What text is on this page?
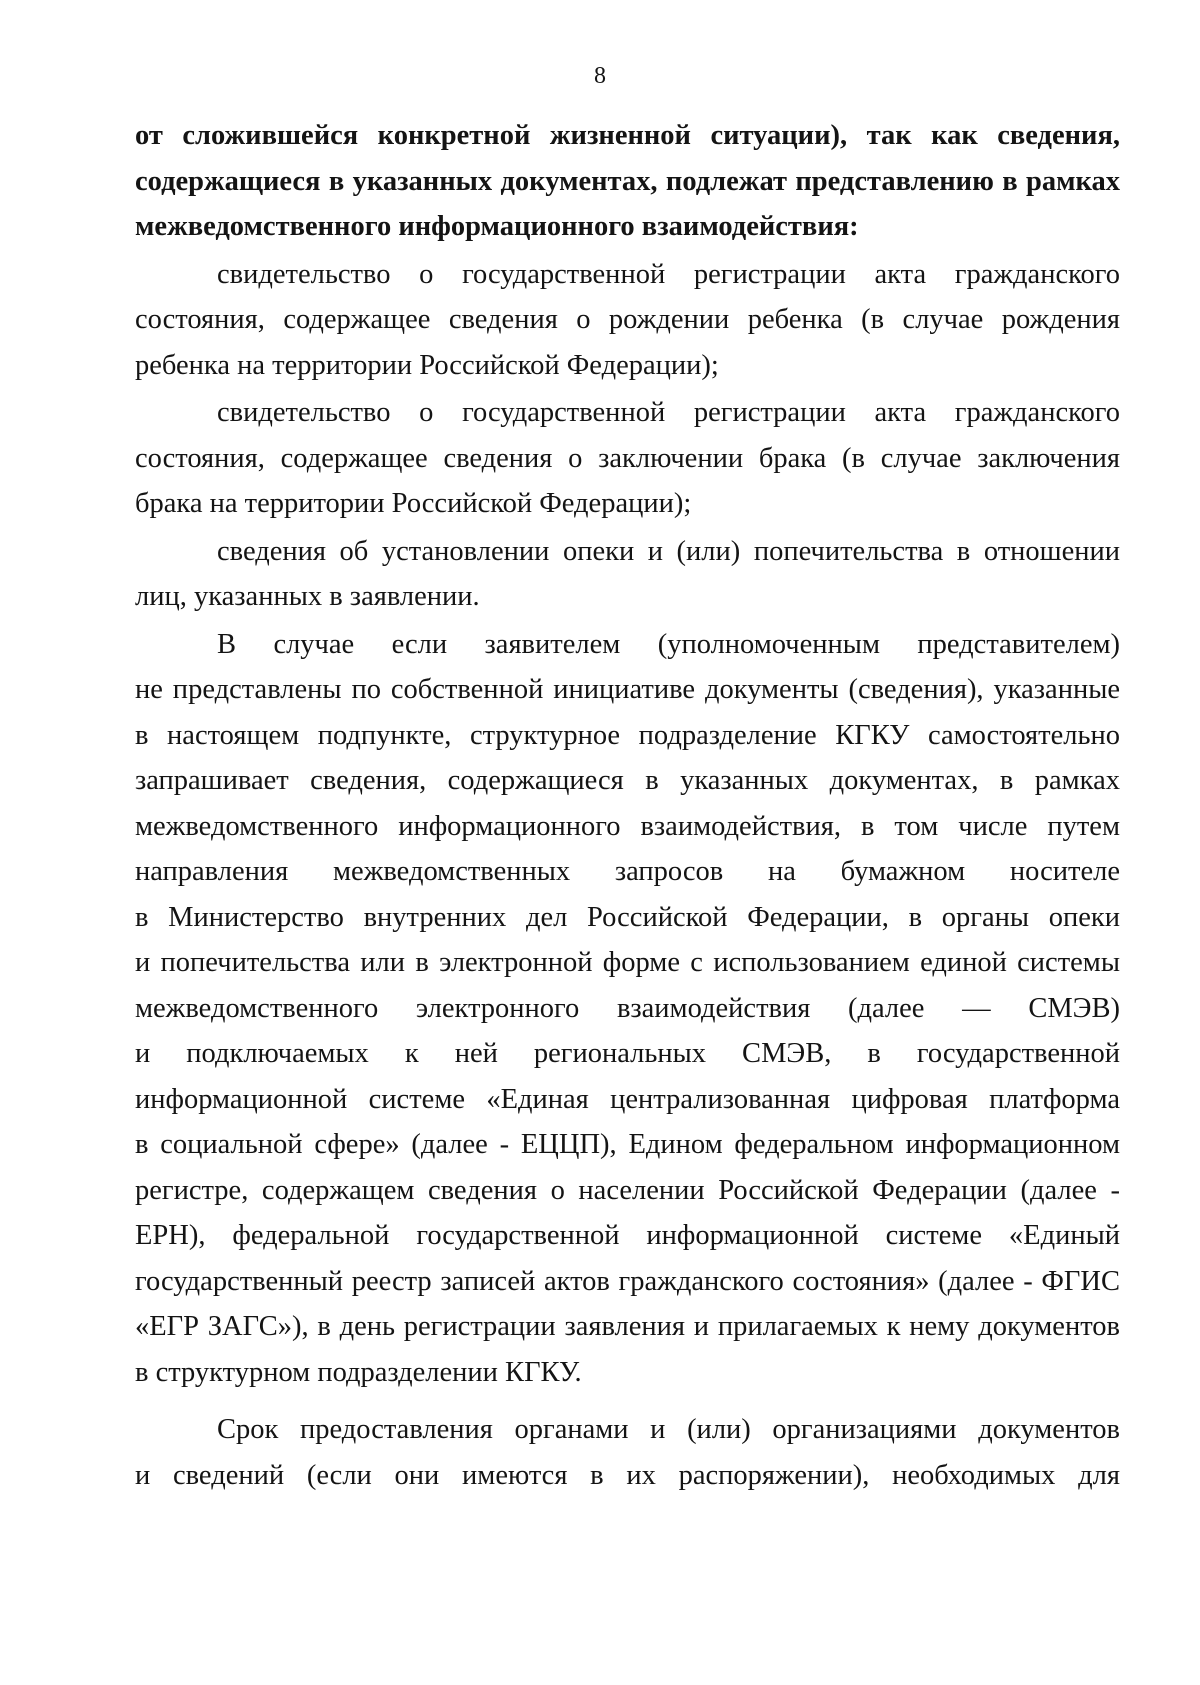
8
от сложившейся конкретной жизненной ситуации), так как сведения,
содержащиеся в указанных документах, подлежат представлению в рамках
межведомственного информационного взаимодействия:
свидетельство о государственной регистрации акта гражданского
состояния, содержащее сведения о рождении ребенка (в случае рождения
ребенка на территории Российской Федерации);
свидетельство о государственной регистрации акта гражданского
состояния, содержащее сведения о заключении брака (в случае заключения
брака на территории Российской Федерации);
сведения об установлении опеки и (или) попечительства в отношении
лиц, указанных в заявлении.
В случае если заявителем (уполномоченным представителем)
не представлены по собственной инициативе документы (сведения), указанные
в настоящем подпункте, структурное подразделение КГКУ самостоятельно
запрашивает сведения, содержащиеся в указанных документах, в рамках
межведомственного информационного взаимодействия, в том числе путем
направления межведомственных запросов на бумажном носителе
в Министерство внутренних дел Российской Федерации, в органы опеки
и попечительства или в электронной форме с использованием единой системы
межведомственного электронного взаимодействия (далее — СМЭВ)
и подключаемых к ней региональных СМЭВ, в государственной
информационной системе «Единая централизованная цифровая платформа
в социальной сфере» (далее - ЕЦЦП), Едином федеральном информационном
регистре, содержащем сведения о населении Российской Федерации (далее -
ЕРН), федеральной государственной информационной системе «Единый
государственный реестр записей актов гражданского состояния» (далее - ФГИС
«ЕГР ЗАГС»), в день регистрации заявления и прилагаемых к нему документов
в структурном подразделении КГКУ.
Срок предоставления органами и (или) организациями документов
и сведений (если они имеются в их распоряжении), необходимых для
